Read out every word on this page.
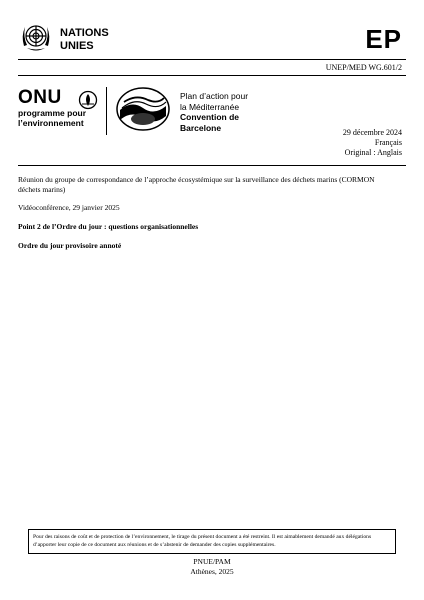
NATIONS
UNIES	EP
UNEP/MED WG.601/2
ONU
programme pour
l’environnement
Plan d’action pour
la Méditerranée
Convention de
Barcelone	29 décembre 2024
Français
Original : Anglais
Réunion du groupe de correspondance de l’approche écosystémique sur la surveillance des déchets marins (CORMON déchets marins)
Vidéoconférence, 29 janvier 2025
Point 2 de l’Ordre du jour : questions organisationnelles
Ordre du jour provisoire annoté
Pour des raisons de coût et de protection de l’environnement, le tirage du présent document a été restreint. Il est aimablement demandé aux délégations d’apporter leur copie de ce document aux réunions et de s’abstenir de demander des copies supplémentaires.
PNUE/PAM
Athènes, 2025
